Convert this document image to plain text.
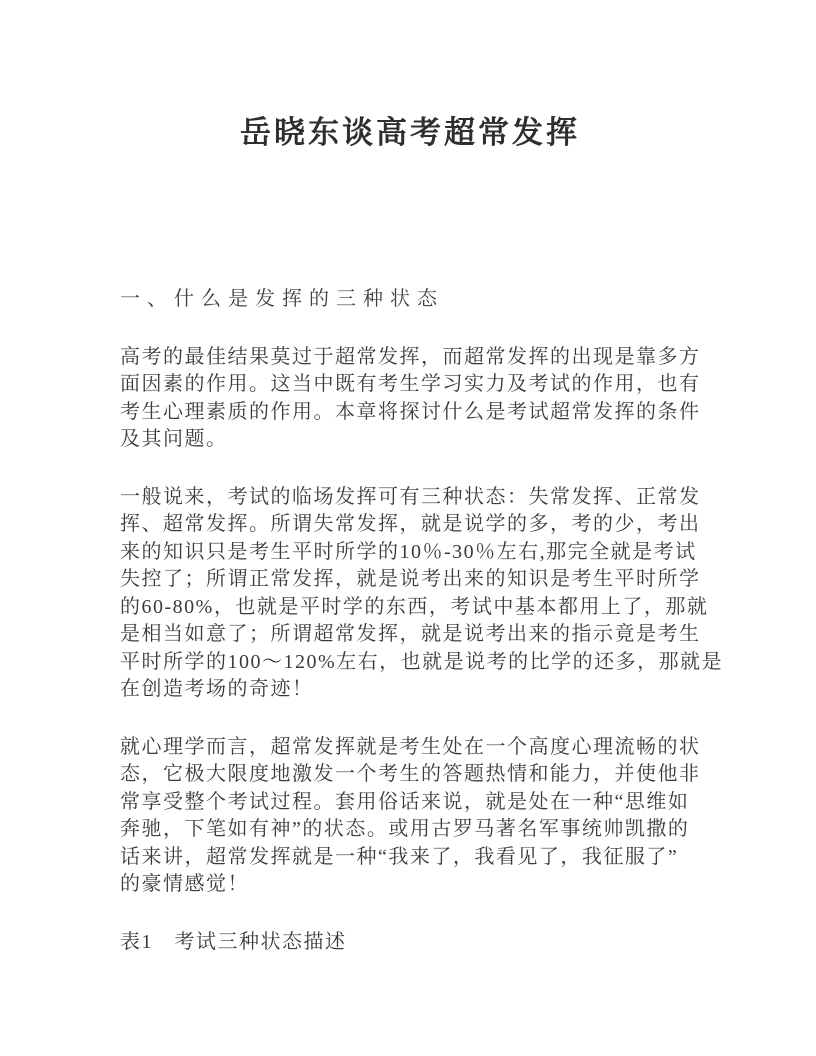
岳晓东谈高考超常发挥
一、什么是发挥的三种状态
高考的最佳结果莫过于超常发挥，而超常发挥的出现是靠多方
面因素的作用。这当中既有考生学习实力及考试的作用，也有
考生心理素质的作用。本章将探讨什么是考试超常发挥的条件
及其问题。
一般说来，考试的临场发挥可有三种状态：失常发挥、正常发
挥、超常发挥。所谓失常发挥，就是说学的多，考的少，考出
来的知识只是考生平时所学的10％-30％左右,那完全就是考试
失控了；所谓正常发挥，就是说考出来的知识是考生平时所学
的60-80%，也就是平时学的东西，考试中基本都用上了，那就
是相当如意了；所谓超常发挥，就是说考出来的指示竟是考生
平时所学的100～120%左右，也就是说考的比学的还多，那就是
在创造考场的奇迹！
就心理学而言，超常发挥就是考生处在一个高度心理流畅的状
态，它极大限度地激发一个考生的答题热情和能力，并使他非
常享受整个考试过程。套用俗话来说，就是处在一种“思维如
奔驰，下笔如有神”的状态。或用古罗马著名军事统帅凯撒的
话来讲，超常发挥就是一种“我来了，我看见了，我征服了”
的豪情感觉！
表1　考试三种状态描述
